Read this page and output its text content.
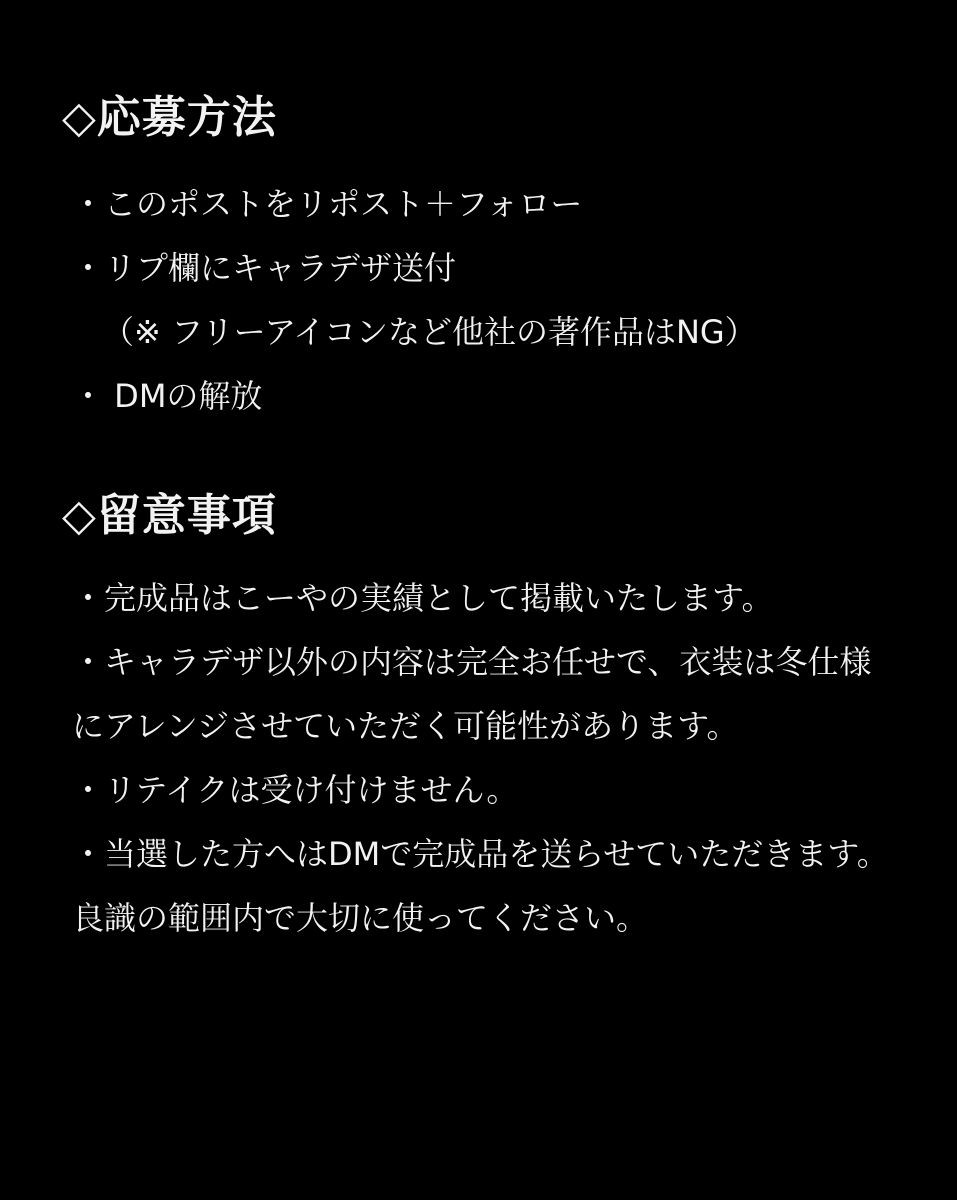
◇応募方法
・このポストをリポスト＋フォロー
・リプ欄にキャラデザ送付
（※ フリーアイコンなど他社の著作品はNG）
・ DMの解放
◇留意事項
・完成品はこーやの実績として掲載いたします。
・キャラデザ以外の内容は完全お任せで、衣装は冬仕様にアレンジさせていただく可能性があります。
・リテイクは受け付けません。
・当選した方へはDMで完成品を送らせていただきます。良識の範囲内で大切に使ってください。
